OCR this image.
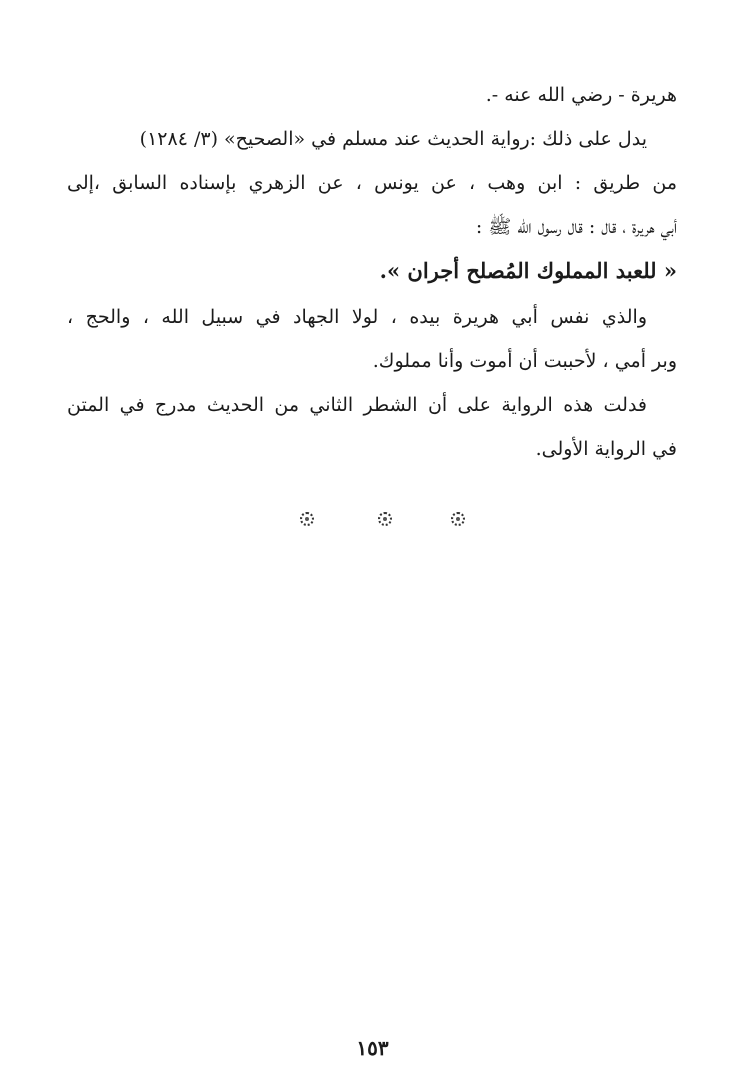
هريرة - رضي الله عنه -.
يدل على ذلك :رواية الحديث عند مسلم في «الصحيح» (٣/ ١٢٨٤)
من طريق : ابن وهب ، عن يونس ، عن الزهري بإسناده السابق ،إلى
أبي هريرة ، قال : قال رسول الله ﷺ :
« للعبد المملوك المُصلح أجران ».
والذي نفس أبي هريرة بيده ، لولا الجهاد في سبيل الله ، والحج ،
وبر أمي ، لأحببت أن أموت وأنا مملوك.
فدلت هذه الرواية على أن الشطر الثاني من الحديث مدرج في المتن
في الرواية الأولى.
١٥٣
